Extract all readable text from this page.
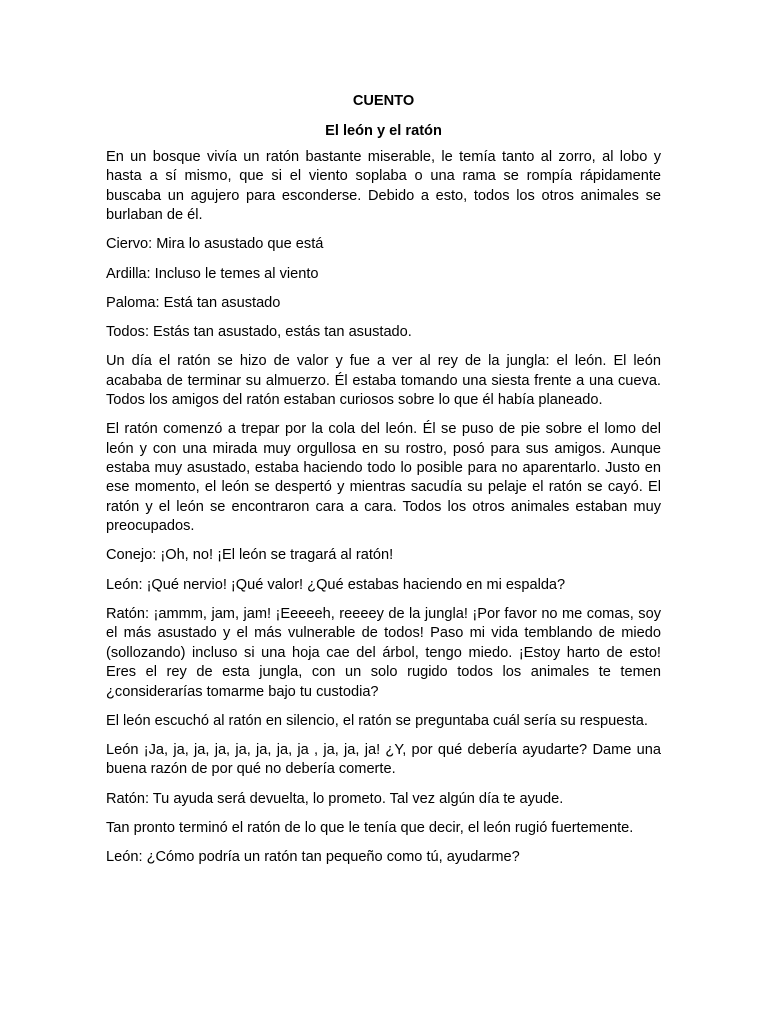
CUENTO

El león y el ratón

En un bosque vivía un ratón bastante miserable, le temía tanto al zorro, al lobo y hasta a sí mismo, que si el viento soplaba o una rama se rompía rápidamente buscaba un agujero para esconderse. Debido a esto, todos los otros animales se burlaban de él.

Ciervo: Mira lo asustado que está

Ardilla: Incluso le temes al viento

Paloma: Está tan asustado

Todos: Estás tan asustado, estás tan asustado.

Un día el ratón se hizo de valor y fue a ver al rey de la jungla: el león. El león acababa de terminar su almuerzo. Él estaba tomando una siesta frente a una cueva. Todos los amigos del ratón estaban curiosos sobre lo que él había planeado.

El ratón comenzó a trepar por la cola del león. Él se puso de pie sobre el lomo del león y con una mirada muy orgullosa en su rostro, posó para sus amigos. Aunque estaba muy asustado, estaba haciendo todo lo posible para no aparentarlo. Justo en ese momento, el león se despertó y mientras sacudía su pelaje el ratón se cayó. El ratón y el león se encontraron cara a cara. Todos los otros animales estaban muy preocupados.

Conejo: ¡Oh, no! ¡El león se tragará al ratón!

León: ¡Qué nervio! ¡Qué valor! ¿Qué estabas haciendo en mi espalda?

Ratón: ¡ammm, jam, jam! ¡Eeeeeh, reeeey de la jungla! ¡Por favor no me comas, soy el más asustado y el más vulnerable de todos! Paso mi vida temblando de miedo (sollozando) incluso si una hoja cae del árbol, tengo miedo. ¡Estoy harto de esto! Eres el rey de esta jungla, con un solo rugido todos los animales te temen ¿considerarías tomarme bajo tu custodia?

El león escuchó al ratón en silencio, el ratón se preguntaba cuál sería su respuesta.

León ¡Ja, ja, ja, ja, ja, ja, ja, ja , ja, ja, ja! ¿Y, por qué debería ayudarte? Dame una buena razón de por qué no debería comerte.

Ratón: Tu ayuda será devuelta, lo prometo. Tal vez algún día te ayude.

Tan pronto terminó el ratón de lo que le tenía que decir, el león rugió fuertemente.

León: ¿Cómo podría un ratón tan pequeño como tú, ayudarme?
